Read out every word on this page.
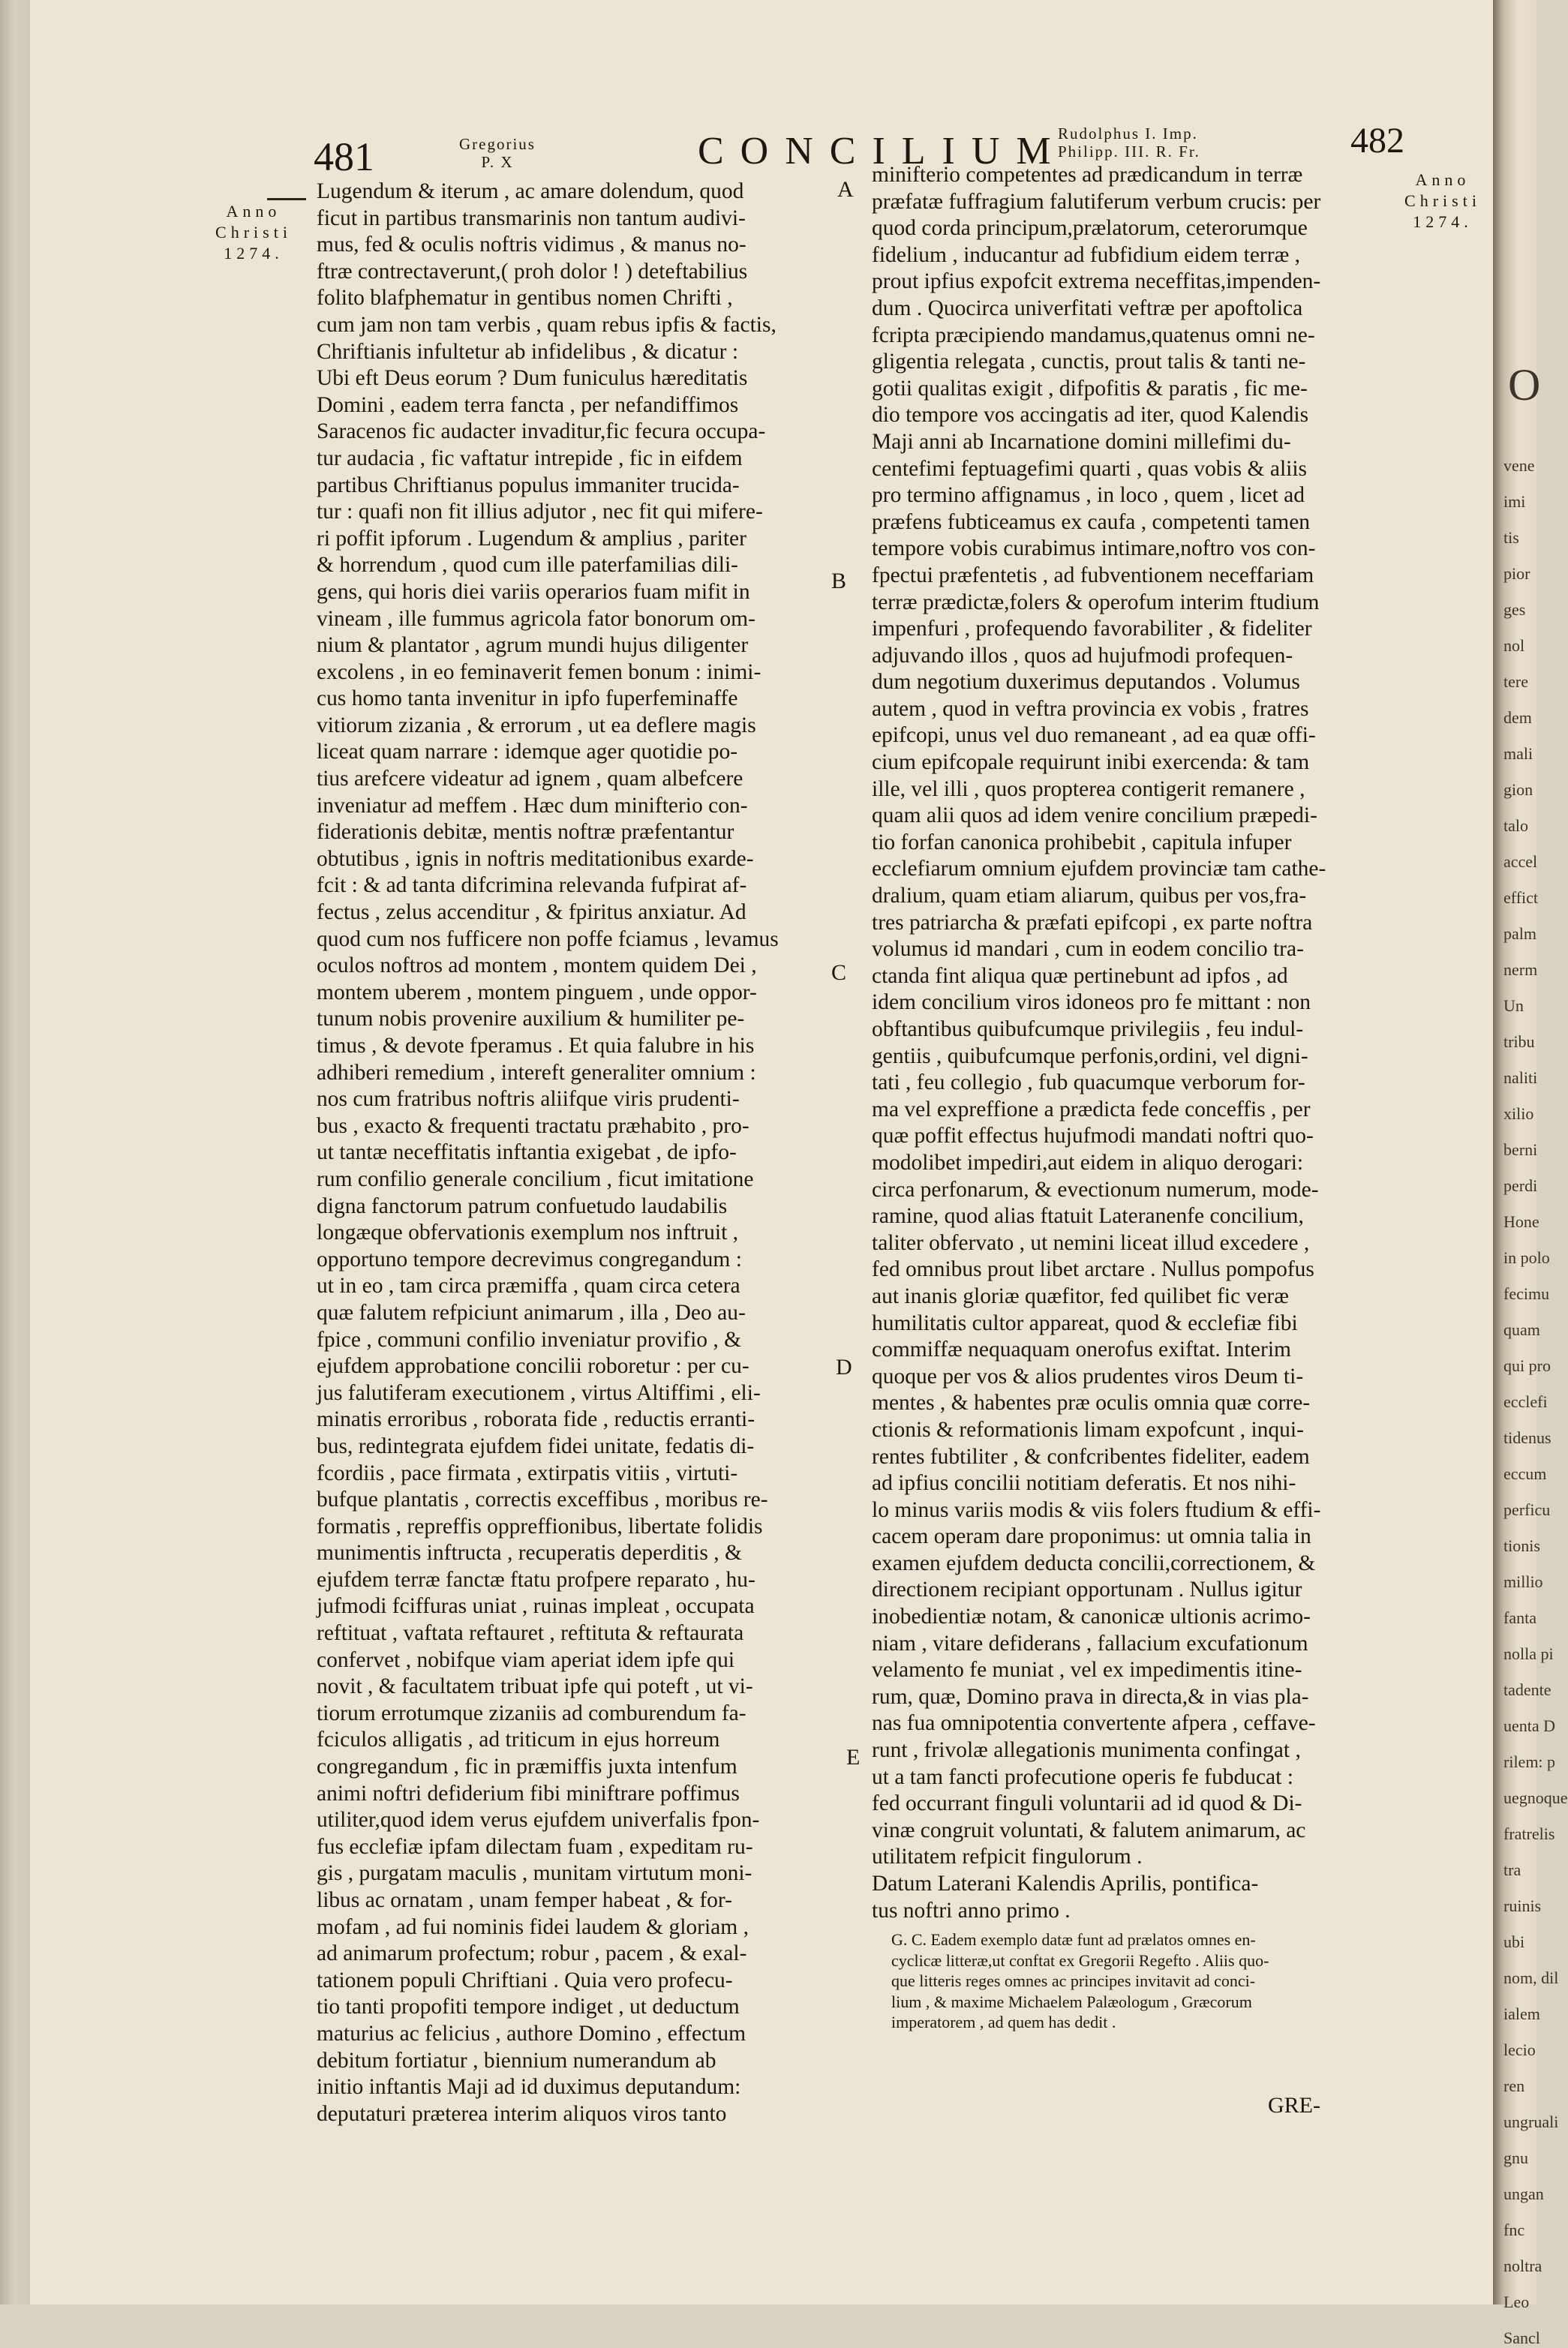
481	Gregorius
P. X	CONCILIUM
Rudolphus I. Imp.
Philipp. III. R. Fr.	482
Anno
Christi
1274.
Anno
Christi
1274.
Lugendum & iterum , ac amare dolendum, quod
ficut in partibus transmarinis non tantum audivi-
mus, fed & oculis noftris vidimus , & manus no-
ftræ contrectaverunt,( proh dolor ! ) deteftabilius
folito blafphematur in gentibus nomen Chrifti ,
cum jam non tam verbis , quam rebus ipfis & factis,
Chriftianis infultetur ab infidelibus , & dicatur :
Ubi eft Deus eorum ? Dum funiculus hæreditatis
Domini , eadem terra fancta , per nefandiffimos
Saracenos fic audacter invaditur,fic fecura occupa-
tur audacia , fic vaftatur intrepide , fic in eifdem
partibus Chriftianus populus immaniter trucida-
tur : quafi non fit illius adjutor , nec fit qui mifere-
ri poffit ipforum . Lugendum & amplius , pariter
& horrendum , quod cum ille paterfamilias dili-
gens, qui horis diei variis operarios fuam mifit in
vineam , ille fummus agricola fator bonorum om-
nium & plantator , agrum mundi hujus diligenter
excolens , in eo feminaverit femen bonum : inimi-
cus homo tanta invenitur in ipfo fuperfeminaffe
vitiorum zizania , & errorum , ut ea deflere magis
liceat quam narrare : idemque ager quotidie po-
tius arefcere videatur ad ignem , quam albefcere
inveniatur ad meffem . Hæc dum minifterio con-
fiderationis debitæ, mentis noftræ præfentantur
obtutibus , ignis in noftris meditationibus exarde-
fcit : & ad tanta difcrimina relevanda fufpirat af-
fectus , zelus accenditur , & fpiritus anxiatur. Ad
quod cum nos fufficere non poffe fciamus , levamus
oculos noftros ad montem , montem quidem Dei ,
montem uberem , montem pinguem , unde oppor-
tunum nobis provenire auxilium & humiliter pe-
timus , & devote fperamus . Et quia falubre in his
adhiberi remedium , intereft generaliter omnium :
nos cum fratribus noftris aliifque viris prudenti-
bus , exacto & frequenti tractatu præhabito , pro-
ut tantæ neceffitatis inftantia exigebat , de ipfo-
rum confilio generale concilium , ficut imitatione
digna fanctorum patrum confuetudo laudabilis
longæque obfervationis exemplum nos inftruit ,
opportuno tempore decrevimus congregandum :
ut in eo , tam circa præmiffa , quam circa cetera
quæ falutem refpiciunt animarum , illa , Deo au-
fpice , communi confilio inveniatur provifio , &
ejufdem approbatione concilii roboretur : per cu-
jus falutiferam executionem , virtus Altiffimi , eli-
minatis erroribus , roborata fide , reductis erranti-
bus, redintegrata ejufdem fidei unitate, fedatis di-
fcordiis , pace firmata , extirpatis vitiis , virtuti-
bufque plantatis , correctis exceffibus , moribus re-
formatis , repreffis oppreffionibus, libertate folidis
munimentis inftructa , recuperatis deperditis , &
ejufdem terræ fanctæ ftatu profpere reparato , hu-
jufmodi fciffuras uniat , ruinas impleat , occupata
reftituat , vaftata reftauret , reftituta & reftaurata
confervet , nobifque viam aperiat idem ipfe qui
novit , & facultatem tribuat ipfe qui poteft , ut vi-
tiorum errotumque zizaniis ad comburendum fa-
fciculos alligatis , ad triticum in ejus horreum
congregandum , fic in præmiffis juxta intenfum
animi noftri defiderium fibi miniftrare poffimus
utiliter,quod idem verus ejufdem univerfalis fpon-
fus ecclefiæ ipfam dilectam fuam , expeditam ru-
gis , purgatam maculis , munitam virtutum moni-
libus ac ornatam , unam femper habeat , & for-
mofam , ad fui nominis fidei laudem & gloriam ,
ad animarum profectum; robur , pacem , & exal-
tationem populi Chriftiani . Quia vero profecu-
tio tanti propofiti tempore indiget , ut deductum
maturius ac felicius , authore Domino , effectum
debitum fortiatur , biennium numerandum ab
initio inftantis Maji ad id duximus deputandum:
deputaturi præterea interim aliquos viros tanto
minifterio competentes ad prædicandum in terræ
præfatæ fuffragium falutiferum verbum crucis: per
quod corda principum,prælatorum, ceterorumque
fidelium , inducantur ad fubfidium eidem terræ ,
prout ipfius expofcit extrema neceffitas,impenden-
dum . Quocirca univerfitati veftræ per apoftolica
fcripta præcipiendo mandamus,quatenus omni ne-
gligentia relegata , cunctis, prout talis & tanti ne-
gotii qualitas exigit , difpofitis & paratis , fic me-
dio tempore vos accingatis ad iter, quod Kalendis
Maji anni ab Incarnatione domini millefimi du-
centefimi feptuagefimi quarti , quas vobis & aliis
pro termino affignamus , in loco , quem , licet ad
præfens fubticeamus ex caufa , competenti tamen
tempore vobis curabimus intimare,noftro vos con-
fpectui præfentetis , ad fubventionem neceffariam
terræ prædictæ,folers & operofum interim ftudium
impenfuri , profequendo favorabiliter , & fideliter
adjuvando illos , quos ad hujufmodi profequen-
dum negotium duxerimus deputandos . Volumus
autem , quod in veftra provincia ex vobis , fratres
epifcopi, unus vel duo remaneant , ad ea quæ offi-
cium epifcopale requirunt inibi exercenda: & tam
ille, vel illi , quos propterea contigerit remanere ,
quam alii quos ad idem venire concilium præpedi-
tio forfan canonica prohibebit , capitula infuper
ecclefiarum omnium ejufdem provinciæ tam cathe-
dralium, quam etiam aliarum, quibus per vos,fra-
tres patriarcha & præfati epifcopi , ex parte noftra
volumus id mandari , cum in eodem concilio tra-
ctanda fint aliqua quæ pertinebunt ad ipfos , ad
idem concilium viros idoneos pro fe mittant : non
obftantibus quibufcumque privilegiis , feu indul-
gentiis , quibufcumque perfonis,ordini, vel digni-
tati , feu collegio , fub quacumque verborum for-
ma vel expreffione a prædicta fede conceffis , per
quæ poffit effectus hujufmodi mandati noftri quo-
modolibet impediri,aut eidem in aliquo derogari:
circa perfonarum, & evectionum numerum, mode-
ramine, quod alias ftatuit Lateranenfe concilium,
taliter obfervato , ut nemini liceat illud excedere ,
fed omnibus prout libet arctare . Nullus pompofus
aut inanis gloriæ quæfitor, fed quilibet fic veræ
humilitatis cultor appareat, quod & ecclefiæ fibi
commiffæ nequaquam onerofus exiftat. Interim
quoque per vos & alios prudentes viros Deum ti-
mentes , & habentes præ oculis omnia quæ corre-
ctionis & reformationis limam expofcunt , inqui-
rentes fubtiliter , & confcribentes fideliter, eadem
ad ipfius concilii notitiam deferatis. Et nos nihi-
lo minus variis modis & viis folers ftudium & effi-
cacem operam dare proponimus: ut omnia talia in
examen ejufdem deducta concilii,correctionem, &
directionem recipiant opportunam . Nullus igitur
inobedientiæ notam, & canonicæ ultionis acrimo-
niam , vitare defiderans , fallacium excufationum
velamento fe muniat , vel ex impedimentis itine-
rum, quæ, Domino prava in directa,& in vias pla-
nas fua omnipotentia convertente afpera , ceffave-
runt , frivolæ allegationis munimenta confingat ,
ut a tam fancti profecutione operis fe fubducat :
fed occurrant finguli voluntarii ad id quod & Di-
vinæ congruit voluntati, & falutem animarum, ac
utilitatem refpicit fingulorum .
Datum Laterani Kalendis Aprilis, pontifica-
tus noftri anno primo .
A
B
C
D
E
G. C. Eadem exemplo datæ funt ad prælatos omnes en-
cyclicæ litteræ,ut conftat ex Gregorii Regefto . Aliis quo-
que litteris reges omnes ac principes invitavit ad conci-
lium , & maxime Michaelem Palæologum , Græcorum
imperatorem , ad quem has dedit .
GRE-
O
vene
imi
tis
pior
ges
nol
tere
dem
mali
gion
talo
accel
effict
palm
nerm
Un
tribu
naliti
xilio
berni
perdi
Hone
in polo
fecimu
quam
qui pro
ecclefi
tidenus
eccum
perficu
tionis
millio
fanta
nolla pi
tadente
uenta D
rilem: p
uegnoque
fratrelis
tra
ruinis
ubi
nom, dil
ialem
lecio
ren
ungruali
gnu
ungan
fnc
noltra
Leo
Sancl
